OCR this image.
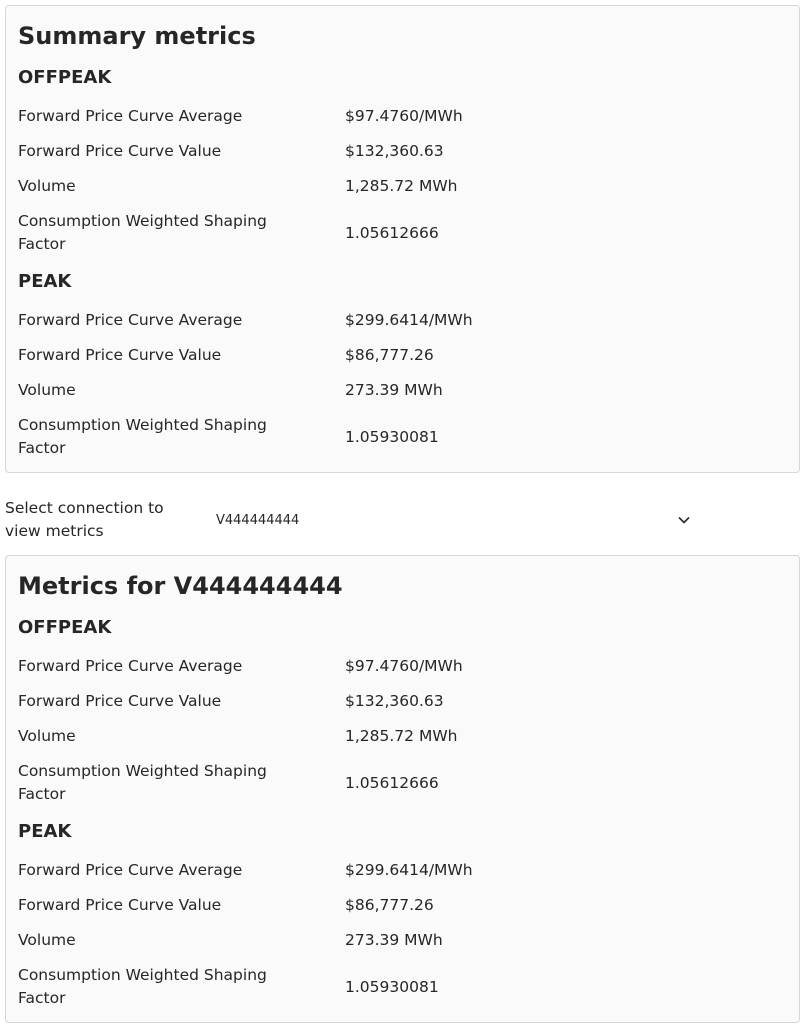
Summary metrics
OFFPEAK
Forward Price Curve Average	$97.4760/MWh
Forward Price Curve Value	$132,360.63
Volume	1,285.72 MWh
Consumption Weighted Shaping Factor
1.05612666
PEAK
Forward Price Curve Average	$299.6414/MWh
Forward Price Curve Value	$86,777.26
Volume	273.39 MWh
Consumption Weighted Shaping Factor
1.05930081
Select connection to view metrics
V444444444
Metrics for V444444444
OFFPEAK
Forward Price Curve Average	$97.4760/MWh
Forward Price Curve Value	$132,360.63
Volume	1,285.72 MWh
Consumption Weighted Shaping Factor
1.05612666
PEAK
Forward Price Curve Average	$299.6414/MWh
Forward Price Curve Value	$86,777.26
Volume	273.39 MWh
Consumption Weighted Shaping Factor
1.05930081
